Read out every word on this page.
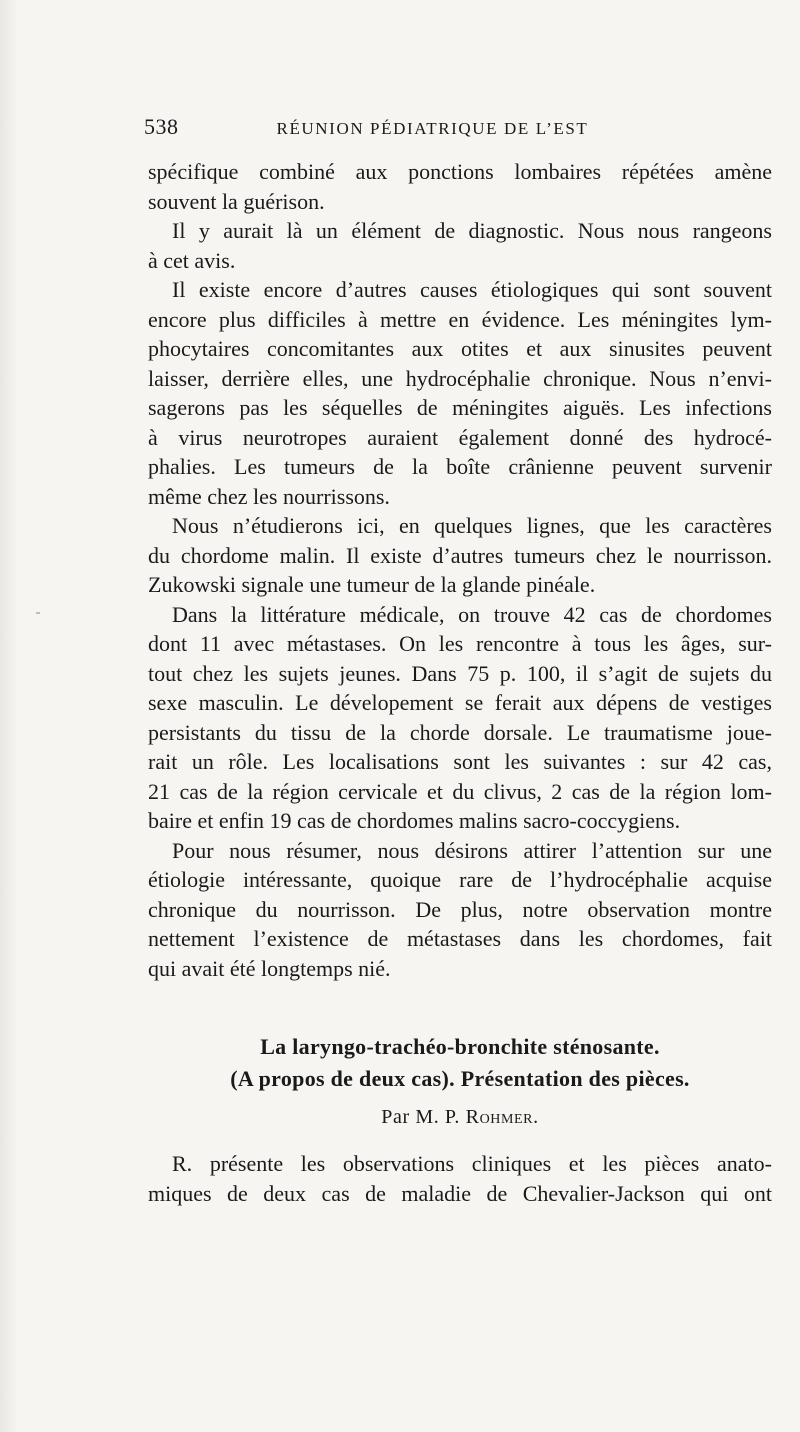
538	RÉUNION PÉDIATRIQUE DE L’EST
spécifique combiné aux ponctions lombaires répétées amène
souvent la guérison.
Il y aurait là un élément de diagnostic. Nous nous rangeons
à cet avis.
Il existe encore d’autres causes étiologiques qui sont souvent
encore plus difficiles à mettre en évidence. Les méningites lym-
phocytaires concomitantes aux otites et aux sinusites peuvent
laisser, derrière elles, une hydrocéphalie chronique. Nous n’envi-
sagerons pas les séquelles de méningites aiguës. Les infections
à virus neurotropes auraient également donné des hydrocé-
phalies. Les tumeurs de la boîte crânienne peuvent survenir
même chez les nourrissons.
Nous n’étudierons ici, en quelques lignes, que les caractères
du chordome malin. Il existe d’autres tumeurs chez le nourrisson.
Zukowski signale une tumeur de la glande pinéale.
Dans la littérature médicale, on trouve 42 cas de chordomes
dont 11 avec métastases. On les rencontre à tous les âges, sur-
tout chez les sujets jeunes. Dans 75 p. 100, il s’agit de sujets du
sexe masculin. Le dévelopement se ferait aux dépens de vestiges
persistants du tissu de la chorde dorsale. Le traumatisme joue-
rait un rôle. Les localisations sont les suivantes : sur 42 cas,
21 cas de la région cervicale et du clivus, 2 cas de la région lom-
baire et enfin 19 cas de chordomes malins sacro-coccygiens.
Pour nous résumer, nous désirons attirer l’attention sur une
étiologie intéressante, quoique rare de l’hydrocéphalie acquise
chronique du nourrisson. De plus, notre observation montre
nettement l’existence de métastases dans les chordomes, fait
qui avait été longtemps nié.
La laryngo-trachéo-bronchite sténosante.
(A propos de deux cas). Présentation des pièces.
Par M. P. Rohmer.
R. présente les observations cliniques et les pièces anato-
miques de deux cas de maladie de Chevalier-Jackson qui ont
